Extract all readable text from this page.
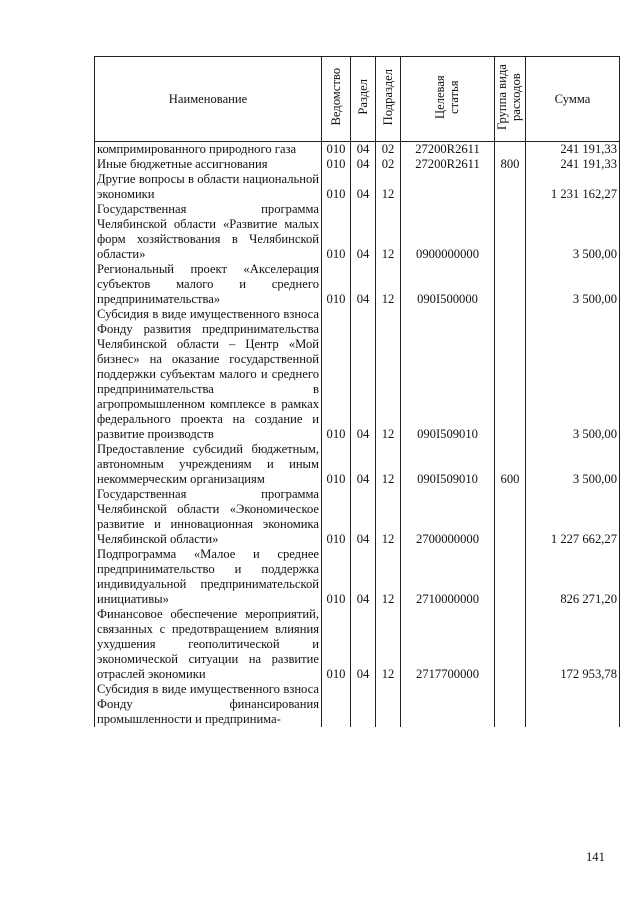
Наименование	Ведомство	Раздел	Подраздел	Целевая статья	Группа вида расходов	Сумма
компримированного природного газа	010	04	02	27200R2611		241 191,33
Иные бюджетные ассигнования	010	04	02	27200R2611	800	241 191,33
Другие вопросы в области национальной экономики	010	04	12			1 231 162,27
Государственная программа Челябинской области «Развитие малых форм хозяйствования в Челябинской области»	010	04	12	0900000000		3 500,00
Региональный проект «Акселерация субъектов малого и среднего предпринимательства»	010	04	12	090I500000		3 500,00
Субсидия в виде имущественного взноса Фонду развития предпринимательства Челябинской области – Центр «Мой бизнес» на оказание государственной поддержки субъектам малого и среднего предпринимательства в агропромышленном комплексе в рамках федерального проекта на создание и развитие производств	010	04	12	090I509010		3 500,00
Предоставление субсидий бюджетным, автономным учреждениям и иным некоммерческим организациям	010	04	12	090I509010	600	3 500,00
Государственная программа Челябинской области «Экономическое развитие и инновационная экономика Челябинской области»	010	04	12	2700000000		1 227 662,27
Подпрограмма «Малое и среднее предпринимательство и поддержка индивидуальной предпринимательской инициативы»	010	04	12	2710000000		826 271,20
Финансовое обеспечение мероприятий, связанных с предотвращением влияния ухудшения геополитической и экономической ситуации на развитие отраслей экономики	010	04	12	2717700000		172 953,78
Субсидия в виде имущественного взноса Фонду финансирования промышленности и предпринима-						
141
